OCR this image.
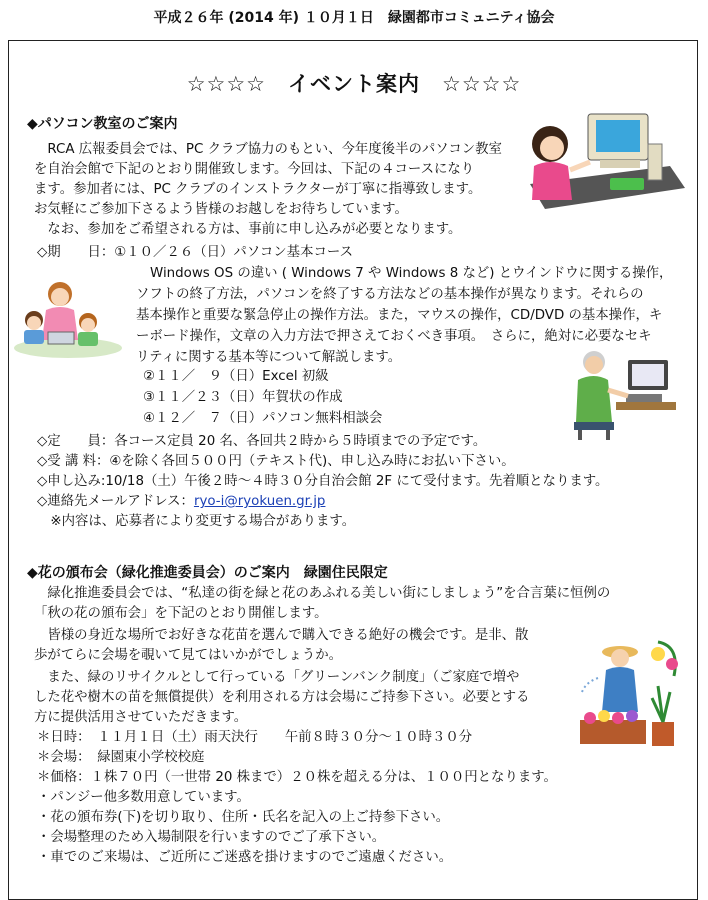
平成２６年 (2014 年) １０月１日　緑園都市コミュニティ協会
☆☆☆☆　イベント案内　☆☆☆☆
◆パソコン教室のご案内
　RCA 広報委員会では、PC クラブ協力のもとい、今年度後半のパソコン教室
を自治会館で下記のとおり開催致します。今回は、下記の４コースになり
ます。参加者には、PC クラブのインストラクターが丁寧に指導致します。
お気軽にご参加下さるよう皆様のお越しをお待ちしています。
　なお、参加をご希望される方は、事前に申し込みが必要となります。
◇期　　日：①１０／２６（日）パソコン基本コース
Windows OS の違い ( Windows 7 や Windows 8 など) とウインドウに関する操作，
ソフトの終了方法，パソコンを終了する方法などの基本操作が異なります。それらの
基本操作と重要な緊急停止の操作方法。また，マウスの操作，CD/DVD の基本操作，キ
ーボード操作，文章の入力方法で押さえておくべき事項。　さらに，絶対に必要なセキ
リティに関する基本等について解説します。
②１１／　９（日）Excel 初級
③１１／２３（日）年賀状の作成
④１２／　７（日）パソコン無料相談会
◇定　　員：各コース定員 20 名、各回共２時から５時頃までの予定です。
◇受 講 料：④を除く各回５００円（テキスト代)、申し込み時にお払い下さい。
◇申し込み:10/18（土）午後２時～４時３０分自治会館 2F にて受付ます。先着順となります。
◇連絡先メールアドレス：ryo-i@ryokuen.gr.jp
　※内容は、応募者により変更する場合があります。
◆花の頒布会（緑化推進委員会）のご案内　緑園住民限定
　緑化推進委員会では、“私達の街を緑と花のあふれる美しい街にしましょう”を合言葉に恒例の
「秋の花の頒布会」を下記のとおり開催します。
　皆様の身近な場所でお好きな花苗を選んで購入できる絶好の機会です。是非、散
歩がてらに会場を覗いて見てはいかがでしょうか。
　また、緑のリサイクルとして行っている「グリーンバンク制度」（ご家庭で増や
した花や樹木の苗を無償提供）を利用される方は会場にご持参下さい。必要とする
方に提供活用させていただきます。
＊日時：　１１月１日（土）雨天決行　　午前８時３０分～１０時３０分
＊会場：　緑園東小学校校庭
＊価格：１株７０円（一世帯 20 株まで）２０株を超える分は、１００円となります。
・パンジー他多数用意しています。
・花の頒布券(下)を切り取り、住所・氏名を記入の上ご持参下さい。
・会場整理のため入場制限を行いますのでご了承下さい。
・車でのご来場は、ご近所にご迷惑を掛けますのでご遠慮ください。
